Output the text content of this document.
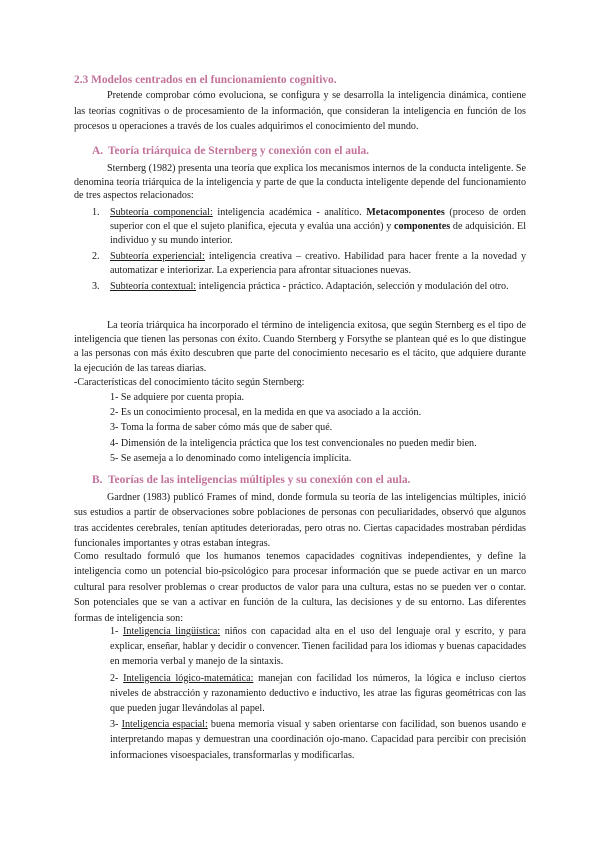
2.3 Modelos centrados en el funcionamiento cognitivo.
Pretende comprobar cómo evoluciona, se configura y se desarrolla la inteligencia dinámica, contiene las teorías cognitivas o de procesamiento de la información, que consideran la inteligencia en función de los procesos u operaciones a través de los cuales adquirimos el conocimiento del mundo.
A. Teoría triárquica de Sternberg y conexión con el aula.
Sternberg (1982) presenta una teoría que explica los mecanismos internos de la conducta inteligente. Se denomina teoría triárquica de la inteligencia y parte de que la conducta inteligente depende del funcionamiento de tres aspectos relacionados:
1. Subteoría componencial: inteligencia académica - analítico. Metacomponentes (proceso de orden superior con el que el sujeto planifica, ejecuta y evalúa una acción) y componentes de adquisición. El individuo y su mundo interior.
2. Subteoría experiencial: inteligencia creativa – creativo. Habilidad para hacer frente a la novedad y automatizar e interiorizar. La experiencia para afrontar situaciones nuevas.
3. Subteoría contextual: inteligencia práctica - práctico. Adaptación, selección y modulación del otro.
La teoría triárquica ha incorporado el término de inteligencia exitosa, que según Sternberg es el tipo de inteligencia que tienen las personas con éxito. Cuando Sternberg y Forsythe se plantean qué es lo que distingue a las personas con más éxito descubren que parte del conocimiento necesario es el tácito, que adquiere durante la ejecución de las tareas diarias.
-Características del conocimiento tácito según Sternberg:
1- Se adquiere por cuenta propia.
2- Es un conocimiento procesal, en la medida en que va asociado a la acción.
3- Toma la forma de saber cómo más que de saber qué.
4- Dimensión de la inteligencia práctica que los test convencionales no pueden medir bien.
5- Se asemeja a lo denominado como inteligencia implícita.
B. Teorías de las inteligencias múltiples y su conexión con el aula.
Gardner (1983) publicó Frames of mind, donde formula su teoría de las inteligencias múltiples, inició sus estudios a partir de observaciones sobre poblaciones de personas con peculiaridades, observó que algunos tras accidentes cerebrales, tenían aptitudes deterioradas, pero otras no. Ciertas capacidades mostraban pérdidas funcionales importantes y otras estaban íntegras.
Como resultado formuló que los humanos tenemos capacidades cognitivas independientes, y define la inteligencia como un potencial bio-psicológico para procesar información que se puede activar en un marco cultural para resolver problemas o crear productos de valor para una cultura, estas no se pueden ver o contar. Son potenciales que se van a activar en función de la cultura, las decisiones y de su entorno. Las diferentes formas de inteligencia son:

1- Inteligencia lingüística: niños con capacidad alta en el uso del lenguaje oral y escrito, y para explicar, enseñar, hablar y decidir o convencer. Tienen facilidad para los idiomas y buenas capacidades en memoria verbal y manejo de la sintaxis.

2- Inteligencia lógico-matemática: manejan con facilidad los números, la lógica e incluso ciertos niveles de abstracción y razonamiento deductivo e inductivo, les atrae las figuras geométricas con las que pueden jugar llevándolas al papel.

3- Inteligencia espacial: buena memoria visual y saben orientarse con facilidad, son buenos usando e interpretando mapas y demuestran una coordinación ojo-mano. Capacidad para percibir con precisión informaciones visoespaciales, transformarlas y modificarlas.
